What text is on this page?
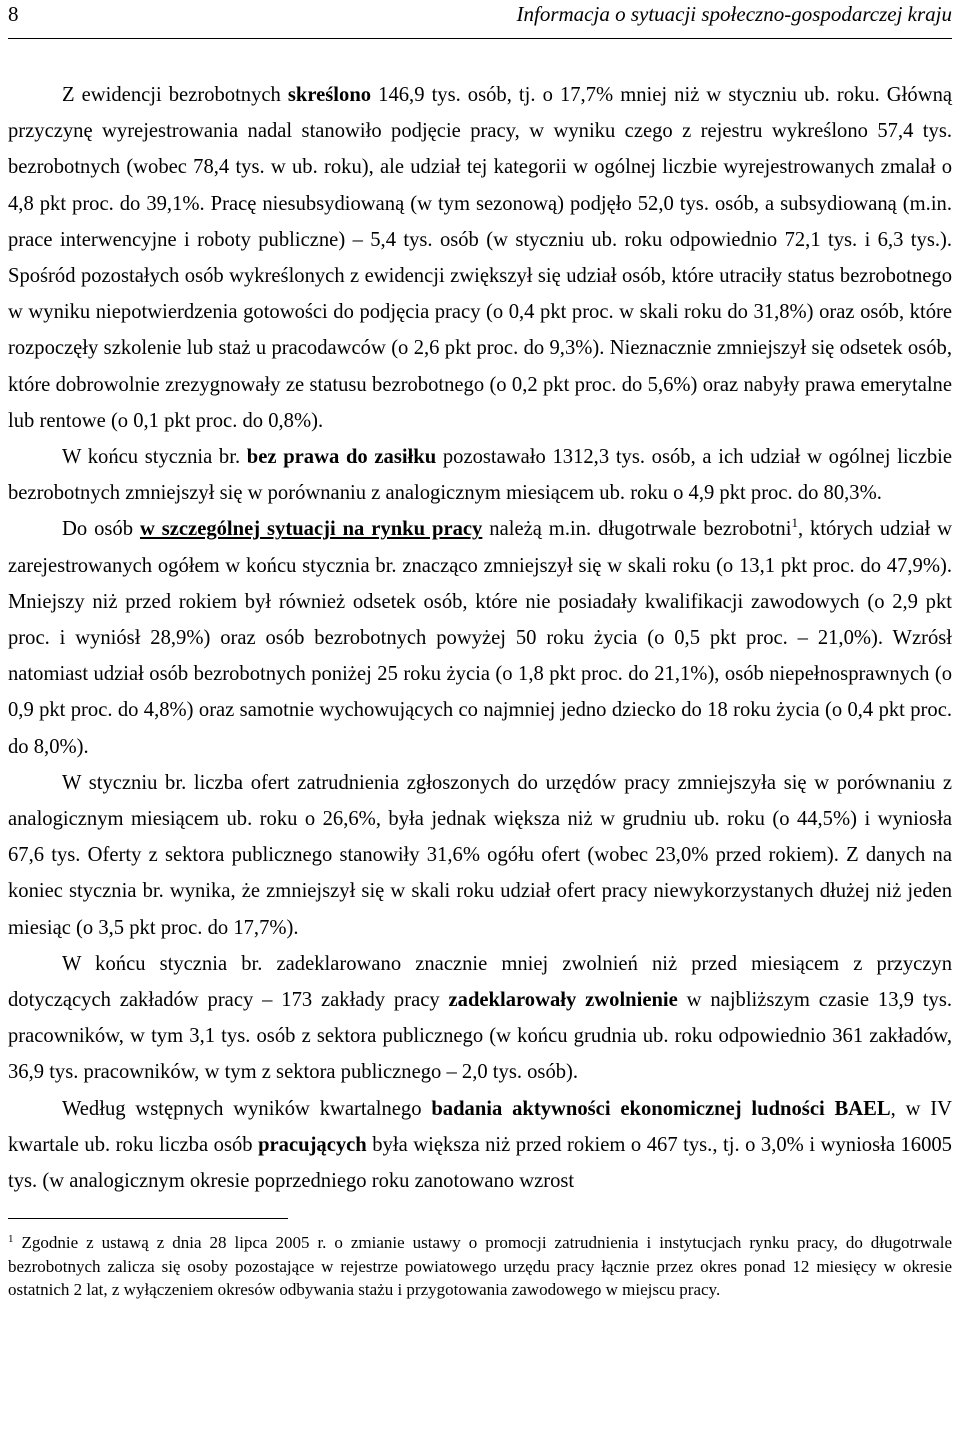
8	Informacja o sytuacji społeczno-gospodarczej kraju

Z ewidencji bezrobotnych skreślono 146,9 tys. osób, tj. o 17,7% mniej niż w styczniu ub. roku. Główną przyczynę wyrejestrowania nadal stanowiło podjęcie pracy, w wyniku czego z rejestru wykreślono 57,4 tys. bezrobotnych (wobec 78,4 tys. w ub. roku), ale udział tej kategorii w ogólnej liczbie wyrejestrowanych zmalał o 4,8 pkt proc. do 39,1%. Pracę niesubsydiowaną (w tym sezonową) podjęło 52,0 tys. osób, a subsydiowaną (m.in. prace interwencyjne i roboty publiczne) – 5,4 tys. osób (w styczniu ub. roku odpowiednio 72,1 tys. i 6,3 tys.). Spośród pozostałych osób wykreślonych z ewidencji zwiększył się udział osób, które utraciły status bezrobotnego w wyniku niepotwierdzenia gotowości do podjęcia pracy (o 0,4 pkt proc. w skali roku do 31,8%) oraz osób, które rozpoczęły szkolenie lub staż u pracodawców (o 2,6 pkt proc. do 9,3%). Nieznacznie zmniejszył się odsetek osób, które dobrowolnie zrezygnowały ze statusu bezrobotnego (o 0,2 pkt proc. do 5,6%) oraz nabyły prawa emerytalne lub rentowe (o 0,1 pkt proc. do 0,8%).

W końcu stycznia br. bez prawa do zasiłku pozostawało 1312,3 tys. osób, a ich udział w ogólnej liczbie bezrobotnych zmniejszył się w porównaniu z analogicznym miesiącem ub. roku o 4,9 pkt proc. do 80,3%.

Do osób w szczególnej sytuacji na rynku pracy należą m.in. długotrwale bezrobotni$^1$, których udział w zarejestrowanych ogółem w końcu stycznia br. znacząco zmniejszył się w skali roku (o 13,1 pkt proc. do 47,9%). Mniejszy niż przed rokiem był również odsetek osób, które nie posiadały kwalifikacji zawodowych (o 2,9 pkt proc. i wyniósł 28,9%) oraz osób bezrobotnych powyżej 50 roku życia (o 0,5 pkt proc. – 21,0%). Wzrósł natomiast udział osób bezrobotnych poniżej 25 roku życia (o 1,8 pkt proc. do 21,1%), osób niepełnosprawnych (o 0,9 pkt proc. do 4,8%) oraz samotnie wychowujących co najmniej jedno dziecko do 18 roku życia (o 0,4 pkt proc. do 8,0%).

W styczniu br. liczba ofert zatrudnienia zgłoszonych do urzędów pracy zmniejszyła się w porównaniu z analogicznym miesiącem ub. roku o 26,6%, była jednak większa niż w grudniu ub. roku (o 44,5%) i wyniosła 67,6 tys. Oferty z sektora publicznego stanowiły 31,6% ogółu ofert (wobec 23,0% przed rokiem). Z danych na koniec stycznia br. wynika, że zmniejszył się w skali roku udział ofert pracy niewykorzystanych dłużej niż jeden miesiąc (o 3,5 pkt proc. do 17,7%).

W końcu stycznia br. zadeklarowano znacznie mniej zwolnień niż przed miesiącem z przyczyn dotyczących zakładów pracy – 173 zakłady pracy zadeklarowały zwolnienie w najbliższym czasie 13,9 tys. pracowników, w tym 3,1 tys. osób z sektora publicznego (w końcu grudnia ub. roku odpowiednio 361 zakładów, 36,9 tys. pracowników, w tym z sektora publicznego – 2,0 tys. osób).

Według wstępnych wyników kwartalnego badania aktywności ekonomicznej ludności BAEL, w IV kwartale ub. roku liczba osób pracujących była większa niż przed rokiem o 467 tys., tj. o 3,0% i wyniosła 16005 tys. (w analogicznym okresie poprzedniego roku zanotowano wzrost

$^1$ Zgodnie z ustawą z dnia 28 lipca 2005 r. o zmianie ustawy o promocji zatrudnienia i instytucjach rynku pracy, do długotrwale bezrobotnych zalicza się osoby pozostające w rejestrze powiatowego urzędu pracy łącznie przez okres ponad 12 miesięcy w okresie ostatnich 2 lat, z wyłączeniem okresów odbywania stażu i przygotowania zawodowego w miejscu pracy.
